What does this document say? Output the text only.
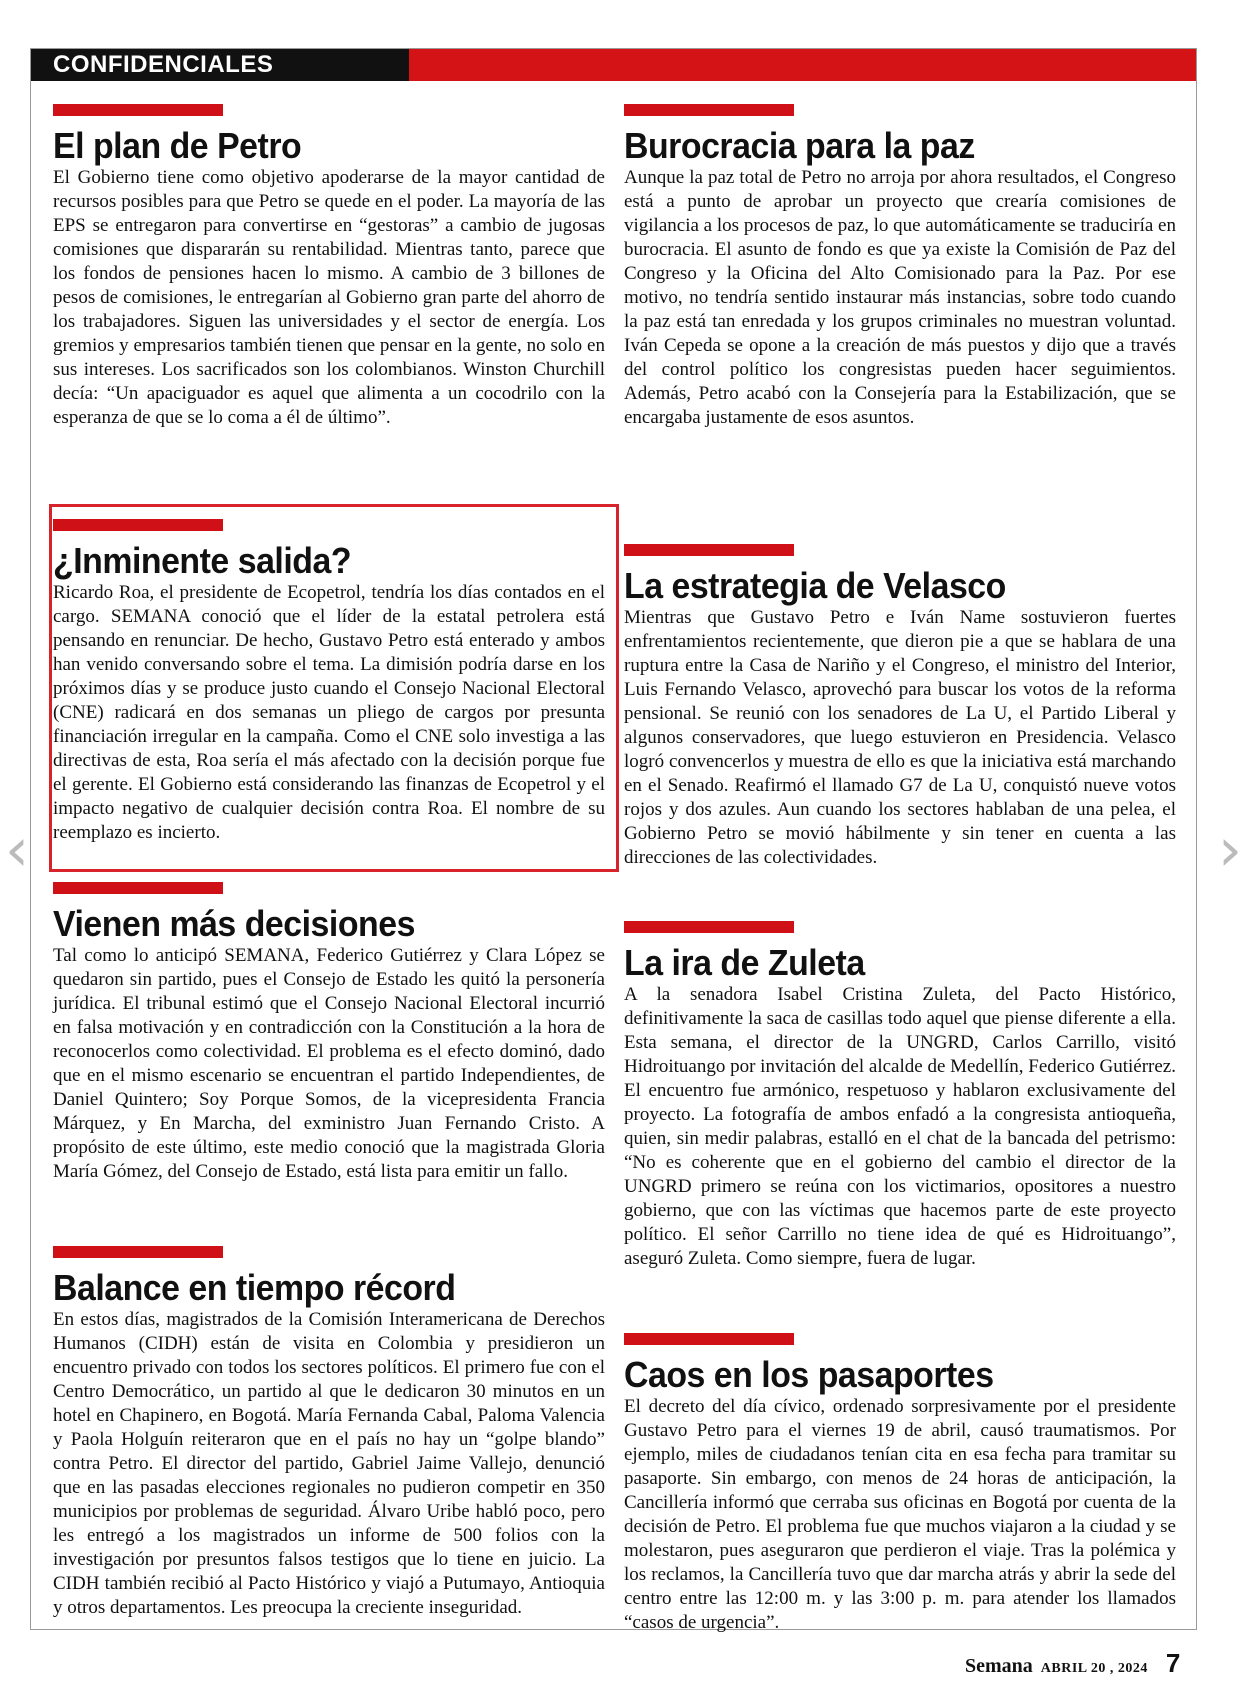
‹	›
CONFIDENCIALES
El plan de Petro

El Gobierno tiene como objetivo apoderarse de la mayor cantidad de recursos posibles para que Petro se quede en el poder. La mayoría de las EPS se entregaron para convertirse en “gestoras” a cambio de jugosas comisiones que dispararán su rentabilidad. Mientras tanto, parece que los fondos de pensiones hacen lo mismo. A cambio de 3 billones de pesos de comisiones, le entregarían al Gobierno gran parte del ahorro de los trabajadores. Siguen las universidades y el sector de energía. Los gremios y empresarios también tienen que pensar en la gente, no solo en sus intereses. Los sacrificados son los colombianos. Winston Churchill decía: “Un apaciguador es aquel que alimenta a un cocodrilo con la esperanza de que se lo coma a él de último”.

¿Inminente salida?

Ricardo Roa, el presidente de Ecopetrol, tendría los días contados en el cargo. SEMANA conoció que el líder de la estatal petrolera está pensando en renunciar. De hecho, Gustavo Petro está enterado y ambos han venido conversando sobre el tema. La dimisión podría darse en los próximos días y se produce justo cuando el Consejo Nacional Electoral (CNE) radicará en dos semanas un pliego de cargos por presunta financiación irregular en la campaña. Como el CNE solo investiga a las directivas de esta, Roa sería el más afectado con la decisión porque fue el gerente. El Gobierno está considerando las finanzas de Ecopetrol y el impacto negativo de cualquier decisión contra Roa. El nombre de su reemplazo es incierto.

Vienen más decisiones

Tal como lo anticipó SEMANA, Federico Gutiérrez y Clara López se quedaron sin partido, pues el Consejo de Estado les quitó la personería jurídica. El tribunal estimó que el Consejo Nacional Electoral incurrió en falsa motivación y en contradicción con la Constitución a la hora de reconocerlos como colectividad. El problema es el efecto dominó, dado que en el mismo escenario se encuentran el partido Independientes, de Daniel Quintero; Soy Porque Somos, de la vicepresidenta Francia Márquez, y En Marcha, del exministro Juan Fernando Cristo. A propósito de este último, este medio conoció que la magistrada Gloria María Gómez, del Consejo de Estado, está lista para emitir un fallo.

Balance en tiempo récord

En estos días, magistrados de la Comisión Interamericana de Derechos Humanos (CIDH) están de visita en Colombia y presidieron un encuentro privado con todos los sectores políticos. El primero fue con el Centro Democrático, un partido al que le dedicaron 30 minutos en un hotel en Chapinero, en Bogotá. María Fernanda Cabal, Paloma Valencia y Paola Holguín reiteraron que en el país no hay un “golpe blando” contra Petro. El director del partido, Gabriel Jaime Vallejo, denunció que en las pasadas elecciones regionales no pudieron competir en 350 municipios por problemas de seguridad. Álvaro Uribe habló poco, pero les entregó a los magistrados un informe de 500 folios con la investigación por presuntos falsos testigos que lo tiene en juicio. La CIDH también recibió al Pacto Histórico y viajó a Putumayo, Antioquia y otros departamentos. Les preocupa la creciente inseguridad.

Burocracia para la paz

Aunque la paz total de Petro no arroja por ahora resultados, el Congreso está a punto de aprobar un proyecto que crearía comisiones de vigilancia a los procesos de paz, lo que automáticamente se traduciría en burocracia. El asunto de fondo es que ya existe la Comisión de Paz del Congreso y la Oficina del Alto Comisionado para la Paz. Por ese motivo, no tendría sentido instaurar más instancias, sobre todo cuando la paz está tan enredada y los grupos criminales no muestran voluntad. Iván Cepeda se opone a la creación de más puestos y dijo que a través del control político los congresistas pueden hacer seguimientos. Además, Petro acabó con la Consejería para la Estabilización, que se encargaba justamente de esos asuntos.

La estrategia de Velasco

Mientras que Gustavo Petro e Iván Name sostuvieron fuertes enfrentamientos recientemente, que dieron pie a que se hablara de una ruptura entre la Casa de Nariño y el Congreso, el ministro del Interior, Luis Fernando Velasco, aprovechó para buscar los votos de la reforma pensional. Se reunió con los senadores de La U, el Partido Liberal y algunos conservadores, que luego estuvieron en Presidencia. Velasco logró convencerlos y muestra de ello es que la iniciativa está marchando en el Senado. Reafirmó el llamado G7 de La U, conquistó nueve votos rojos y dos azules. Aun cuando los sectores hablaban de una pelea, el Gobierno Petro se movió hábilmente y sin tener en cuenta a las direcciones de las colectividades.

La ira de Zuleta

A la senadora Isabel Cristina Zuleta, del Pacto Histórico, definitivamente la saca de casillas todo aquel que piense diferente a ella. Esta semana, el director de la UNGRD, Carlos Carrillo, visitó Hidroituango por invitación del alcalde de Medellín, Federico Gutiérrez. El encuentro fue armónico, respetuoso y hablaron exclusivamente del proyecto. La fotografía de ambos enfadó a la congresista antioqueña, quien, sin medir palabras, estalló en el chat de la bancada del petrismo: “No es coherente que en el gobierno del cambio el director de la UNGRD primero se reúna con los victimarios, opositores a nuestro gobierno, que con las víctimas que hacemos parte de este proyecto político. El señor Carrillo no tiene idea de qué es Hidroituango”, aseguró Zuleta. Como siempre, fuera de lugar.

Caos en los pasaportes

El decreto del día cívico, ordenado sorpresivamente por el presidente Gustavo Petro para el viernes 19 de abril, causó traumatismos. Por ejemplo, miles de ciudadanos tenían cita en esa fecha para tramitar su pasaporte. Sin embargo, con menos de 24 horas de anticipación, la Cancillería informó que cerraba sus oficinas en Bogotá por cuenta de la decisión de Petro. El problema fue que muchos viajaron a la ciudad y se molestaron, pues aseguraron que perdieron el viaje. Tras la polémica y los reclamos, la Cancillería tuvo que dar marcha atrás y abrir la sede del centro entre las 12:00 m. y las 3:00 p. m. para atender los llamados “casos de urgencia”.

Semana ABRIL 20 , 2024 7
